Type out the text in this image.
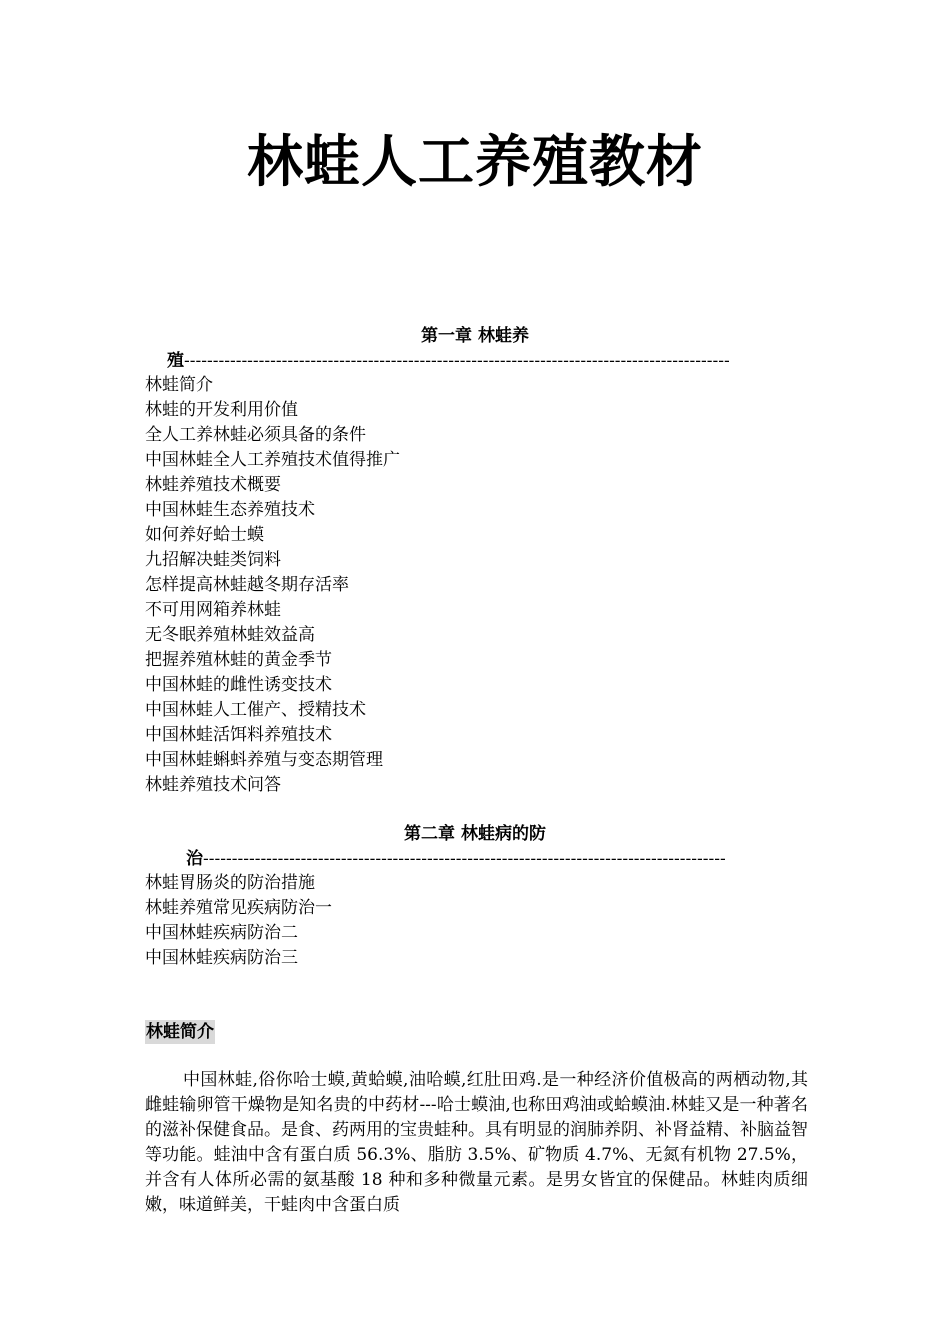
林蛙人工养殖教材
第一章 林蛙养
殖-----------------------------------------------------------------------------------------------
林蛙简介
林蛙的开发利用价值
全人工养林蛙必须具备的条件
中国林蛙全人工养殖技术值得推广
林蛙养殖技术概要
中国林蛙生态养殖技术
如何养好蛤士蟆
九招解决蛙类饲料
怎样提高林蛙越冬期存活率
不可用网箱养林蛙
无冬眠养殖林蛙效益高
把握养殖林蛙的黄金季节
中国林蛙的雌性诱变技术
中国林蛙人工催产、授精技术
中国林蛙活饵料养殖技术
中国林蛙蝌蚪养殖与变态期管理
林蛙养殖技术问答
第二章 林蛙病的防
治-------------------------------------------------------------------------------------------
林蛙胃肠炎的防治措施
林蛙养殖常见疾病防治一
中国林蛙疾病防治二
中国林蛙疾病防治三
林蛙简介

中国林蛙,俗你哈士蟆,黄蛤蟆,油哈蟆,红肚田鸡.是一种经济价值极高的两栖动物,其雌蛙输卵管干燥物是知名贵的中药材---哈士蟆油,也称田鸡油或蛤蟆油.林蛙又是一种著名的滋补保健食品。是食、药两用的宝贵蛙种。具有明显的润肺养阴、补肾益精、补脑益智等功能。蛙油中含有蛋白质 56.3%、脂肪 3.5%、矿物质 4.7%、无氮有机物 27.5%，并含有人体所必需的氨基酸 18 种和多种微量元素。是男女皆宜的保健品。林蛙肉质细嫩，味道鲜美，干蛙肉中含蛋白质
